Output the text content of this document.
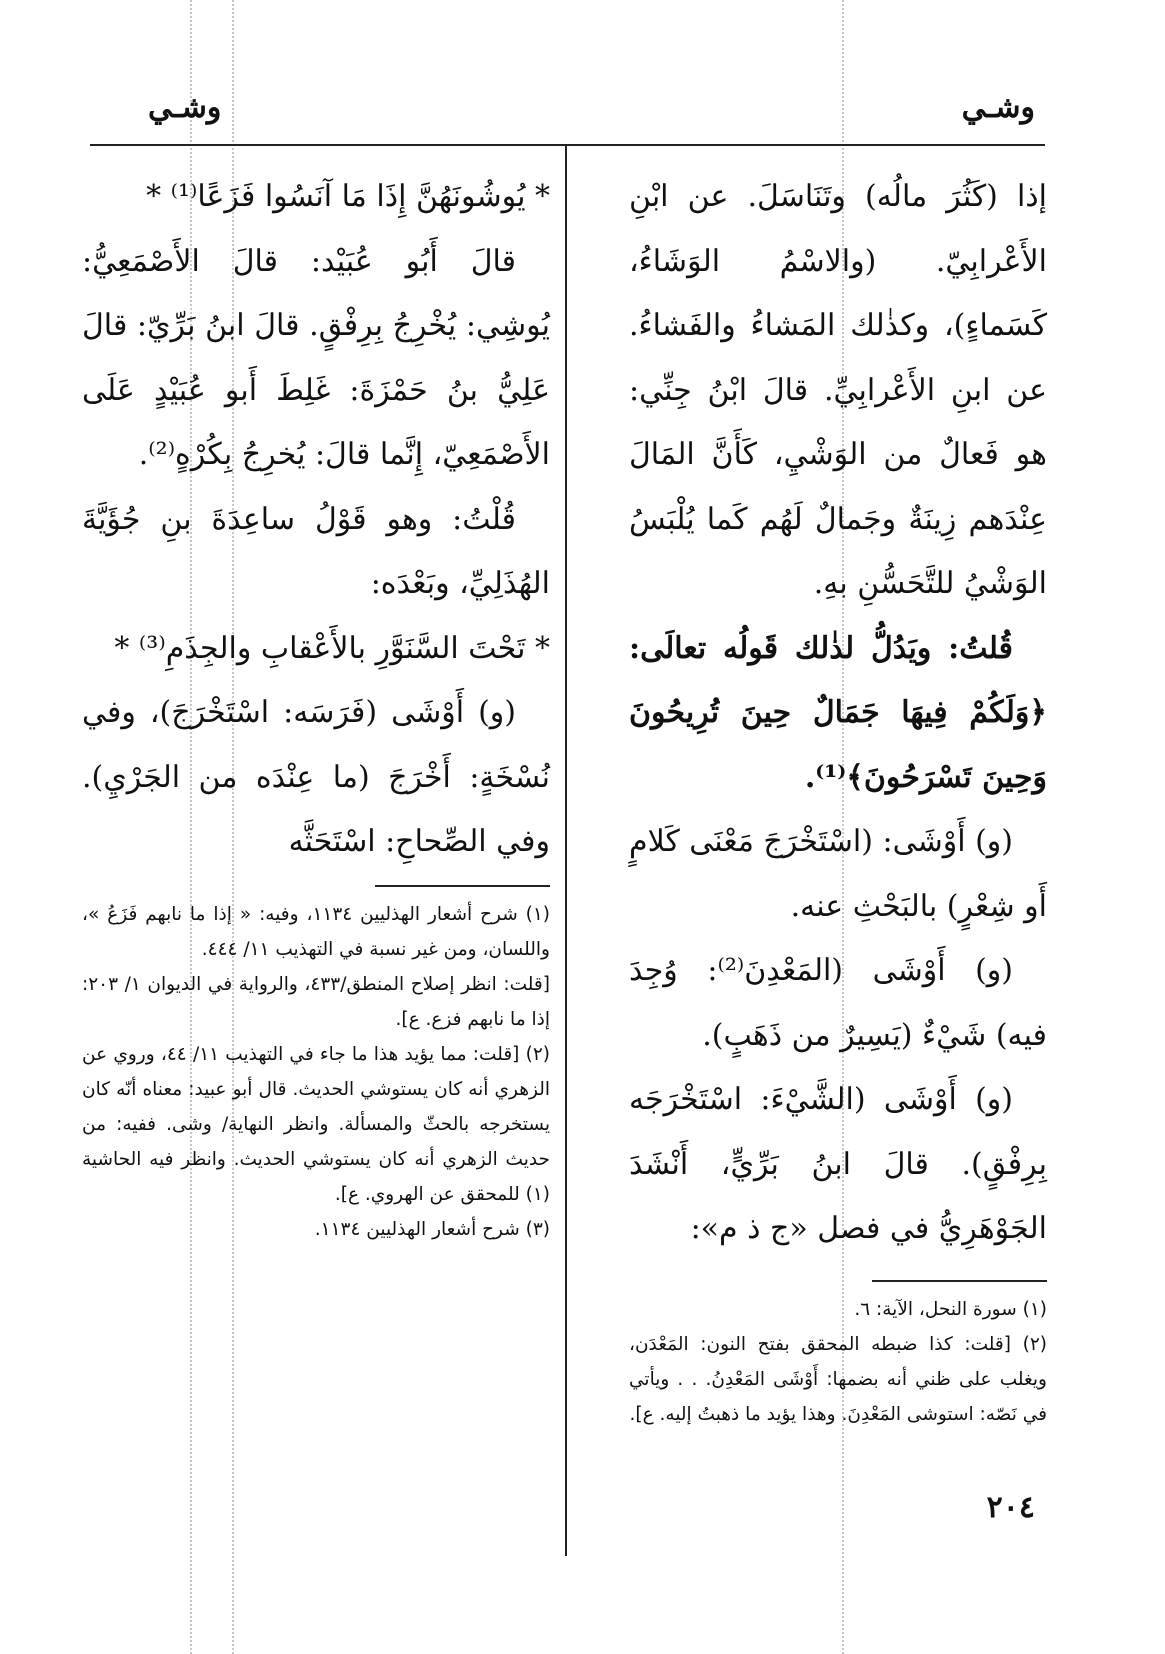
وشـي
وشـي

إذا (كَثُرَ مالُه) وتَنَاسَلَ. عن ابْنِ الأَعْرابِيّ. (والاسْمُ الوَشَاءُ، كَسَماءٍ)، وكذٰلك المَشاءُ والفَشاءُ. عن ابنِ الأَعْرابِيِّ. قالَ ابْنُ جِنِّي: هو فَعالٌ من الوَشْيِ، كَأَنَّ المَالَ عِنْدَهم زِينَةٌ وجَمالٌ لَهُم كَما يُلْبَسُ الوَشْيُ للتَّحَسُّنِ بهِ.

قُلتُ: ويَدُلُّ لذٰلك قَولُه تعالَى: ﴿وَلَكُمْ فِيهَا جَمَالٌ حِينَ تُرِيحُونَ وَحِينَ تَسْرَحُونَ﴾⁽¹⁾.

(و) أَوْشَى: (اسْتَخْرَجَ مَعْنَى كَلامٍ أَو شِعْرٍ) بالبَحْثِ عنه.

(و) أَوْشَى (المَعْدِنَ⁽²⁾: وُجِدَ فيه) شَيْءٌ (يَسِيرٌ من ذَهَبٍ).

(و) أَوْشَى (الشَّيْءَ: اسْتَخْرَجَه بِرِفْقٍ). قالَ ابنُ بَرِّيٍّ، أَنْشَدَ الجَوْهَرِيُّ في فصل «ج ذ م»:

(١) سورة النحل، الآية: ٦.

(٢) [قلت: كذا ضبطه المحقق بفتح النون: المَعْدَن، ويغلب على ظني أنه بضمها: أَوْشَى المَعْدِنُ. . . ويأتي في نَصّه: استوشى المَعْدِنَ. وهذا يؤيد ما ذهبتُ إليه. ع].

* يُوشُونَهُنَّ إِذَا مَا آنَسُوا فَزَعًا⁽¹⁾ *

قالَ أَبُو عُبَيْد: قالَ الأَصْمَعِيُّ: يُوشِي: يُخْرِجُ بِرِفْقٍ. قالَ ابنُ بَرِّيّ: قالَ عَلِيُّ بنُ حَمْزَةَ: غَلِطَ أَبو عُبَيْدٍ عَلَى الأَصْمَعِيّ، إِنَّما قالَ: يُخرِجُ بِكُرْهٍ⁽²⁾.

قُلْتُ: وهو قَوْلُ ساعِدَةَ بنِ جُؤَيَّةَ الهُذَلِيِّ، وبَعْدَه:

* تَحْتَ السَّنَوَّرِ بالأَعْقابِ والجِذَمِ⁽³⁾ *

(و) أَوْشَى (فَرَسَه: اسْتَخْرَجَ)، وفي نُسْخَةٍ: أَخْرَجَ (ما عِنْدَه من الجَرْيِ). وفي الصِّحاحِ: اسْتَحَثَّه

(١) شرح أشعار الهذليين ١١٣٤، وفيه: « إذا ما نابهم فَزَعُ »، واللسان، ومن غير نسبة في التهذيب ١١/ ٤٤٤.

[قلت: انظر إصلاح المنطق/٤٣٣، والرواية في الديوان ١/ ٢٠٣: إذا ما نابهم فزع. ع].

(٢) [قلت: مما يؤيد هذا ما جاء في التهذيب ١١/ ٤٤، وروي عن الزهري أنه كان يستوشي الحديث. قال أبو عبيد: معناه أنّه كان يستخرجه بالحثّ والمسألة. وانظر النهاية/ وشى. ففيه: من حديث الزهري أنه كان يستوشي الحديث. وانظر فيه الحاشية (١) للمحقق عن الهروي. ع].

(٣) شرح أشعار الهذليين ١١٣٤.

٢٠٤
